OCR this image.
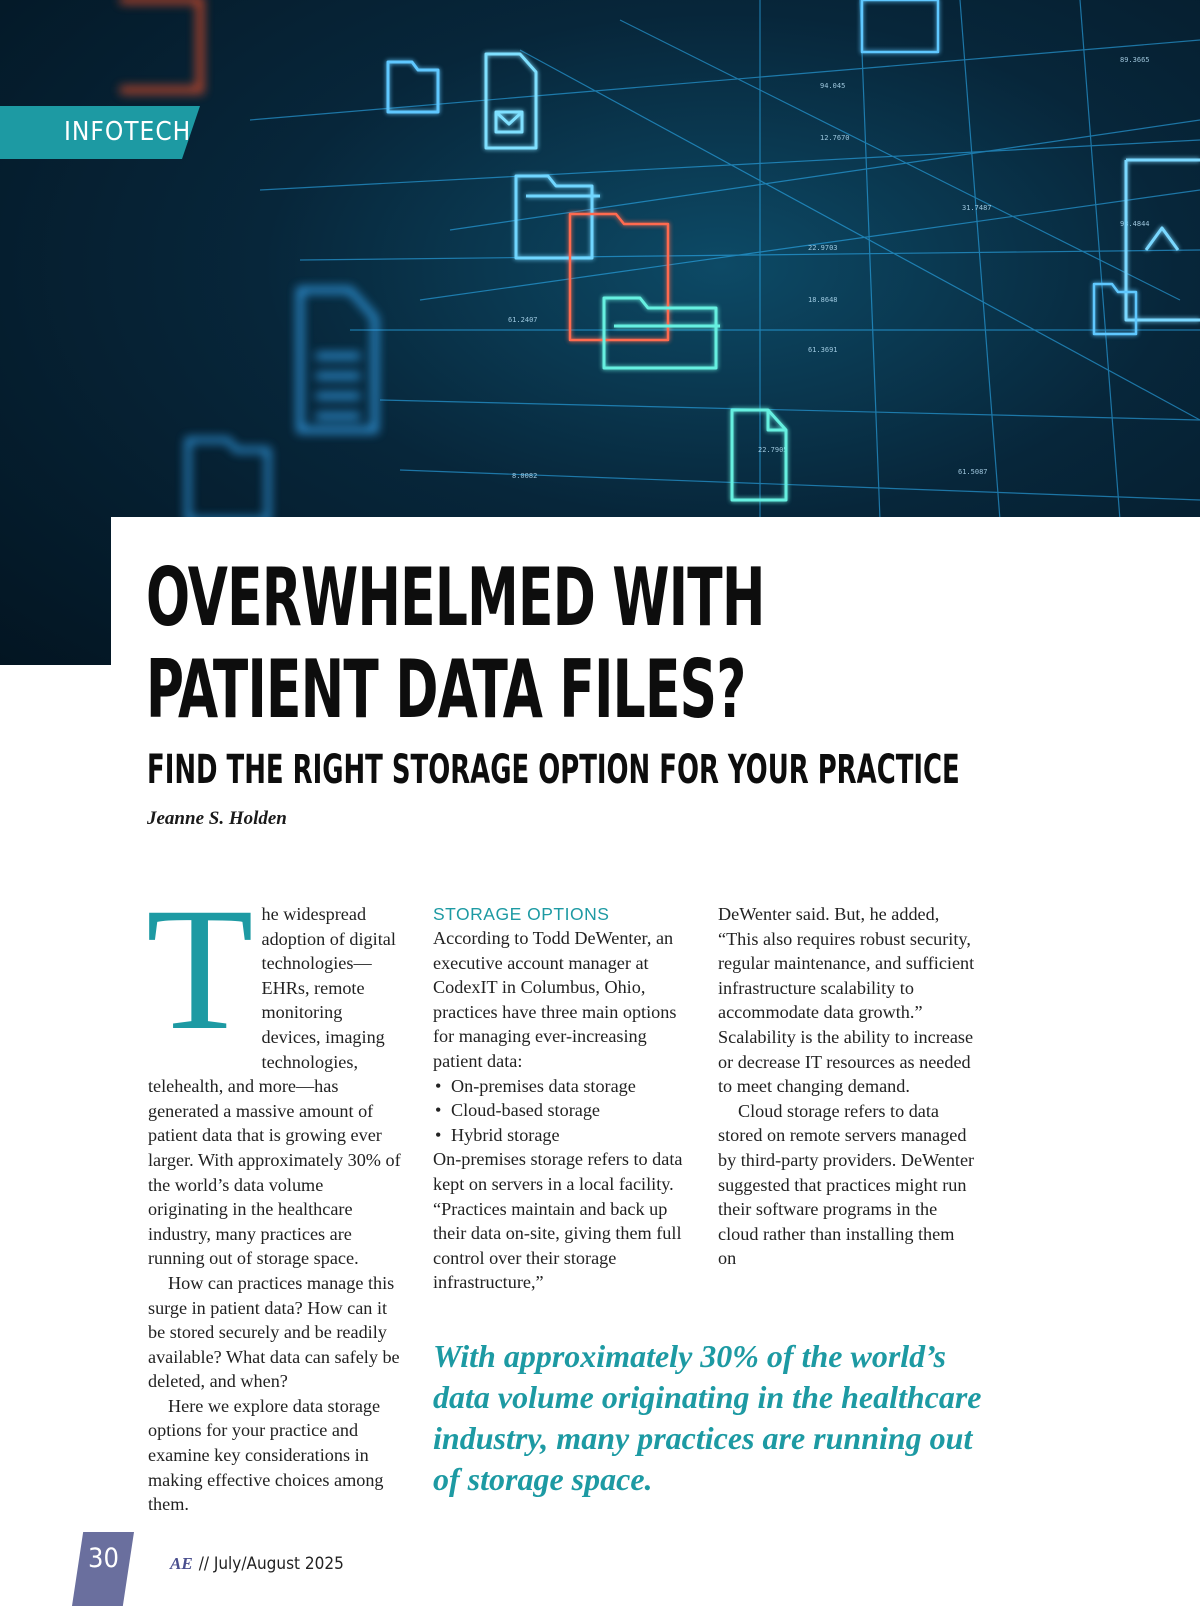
94.045
12.7670
89.3665
22.9703
18.8648
61.3691
61.2407
22.7905
61.5087
31.7487
98.4844
8.0082
INFOTECH
OVERWHELMED WITH
PATIENT DATA FILES?
FIND THE RIGHT STORAGE OPTION FOR YOUR PRACTICE
Jeanne S. Holden

The widespread adoption of digital technologies—EHRs, remote monitoring devices, imaging technologies, telehealth, and more—has generated a massive amount of patient data that is growing ever larger. With approximately 30% of the world’s data volume originating in the healthcare industry, many practices are running out of storage space.

How can practices manage this surge in patient data? How can it be stored securely and be readily available? What data can safely be deleted, and when?

Here we explore data storage options for your practice and examine key considerations in making effective choices among them.

STORAGE OPTIONS

According to Todd DeWenter, an executive account manager at CodexIT in Columbus, Ohio, practices have three main options for managing ever-increasing patient data:

• On-premises data storage
• Cloud-based storage
• Hybrid storage

On-premises storage refers to data kept on servers in a local facility. “Practices maintain and back up their data on-site, giving them full control over their storage infrastructure,”

DeWenter said. But, he added, “This also requires robust security, regular maintenance, and sufficient infrastructure scalability to accommodate data growth.” Scalability is the ability to increase or decrease IT resources as needed to meet changing demand.

Cloud storage refers to data stored on remote servers managed by third-party providers. DeWenter suggested that practices might run their software programs in the cloud rather than installing them on

With approximately 30% of the world’s data volume originating in the healthcare industry, many practices are running out of storage space.

30	AE // July/August 2025
